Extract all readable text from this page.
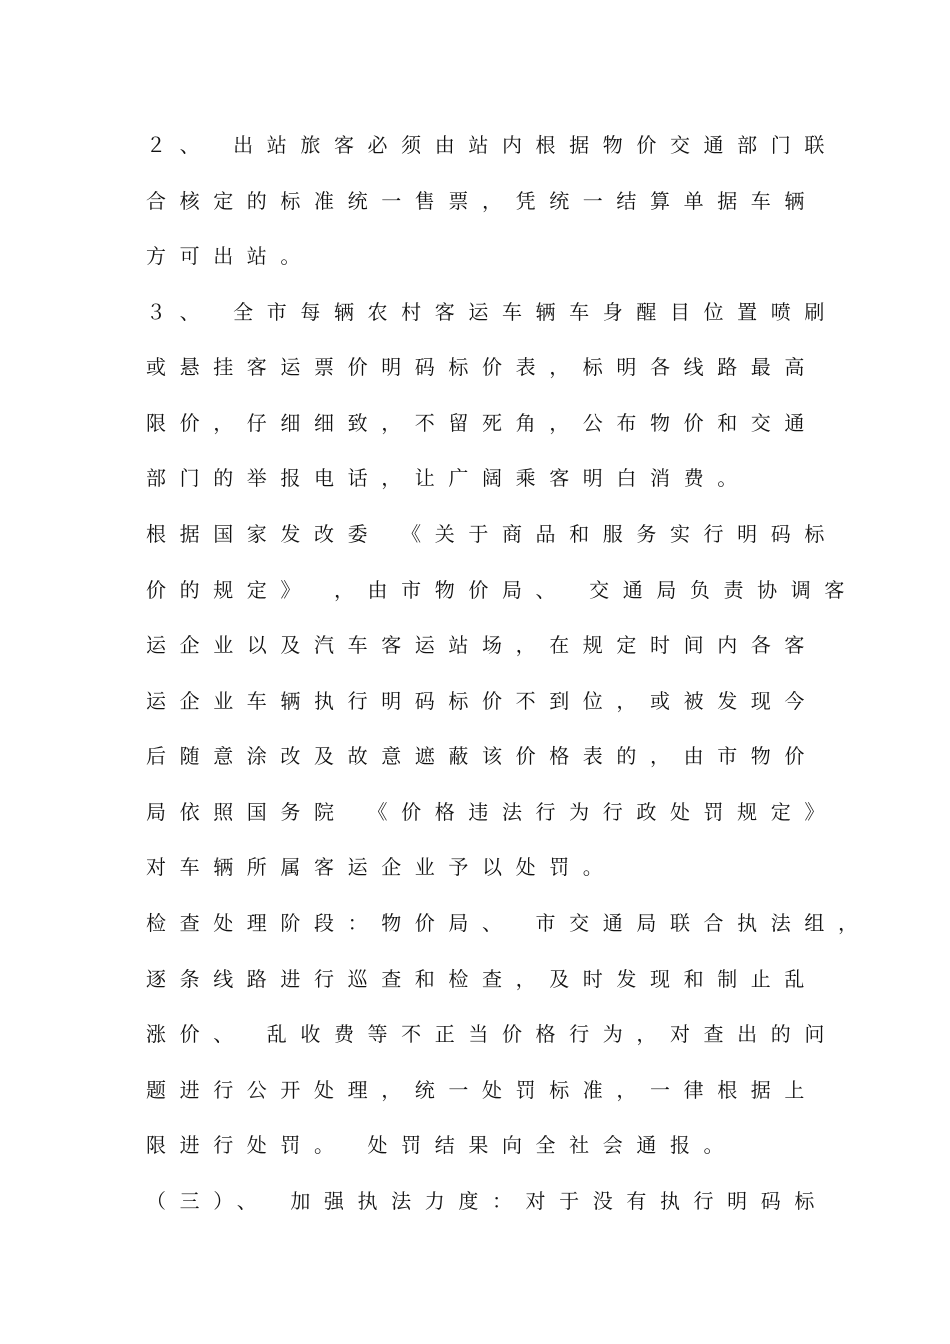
２、 出站旅客必须由站内根据物价交通部门联
合核定的标准统一售票，凭统一结算单据车辆
方可出站。
３、 全市每辆农村客运车辆车身醒目位置喷刷
或悬挂客运票价明码标价表，标明各线路最高
限价，仔细细致，不留死角，公布物价和交通
部门的举报电话，让广阔乘客明白消费。
根据国家发改委 《关于商品和服务实行明码标
价的规定》 ，由市物价局、 交通局负责协调客
运企业以及汽车客运站场，在规定时间内各客
运企业车辆执行明码标价不到位，或被发现今
后随意涂改及故意遮蔽该价格表的，由市物价
局依照国务院 《价格违法行为行政处罚规定》
对车辆所属客运企业予以处罚。
检查处理阶段：物价局、 市交通局联合执法组，
逐条线路进行巡查和检查，及时发现和制止乱
涨价、 乱收费等不正当价格行为，对查出的问
题进行公开处理，统一处罚标准，一律根据上
限进行处罚。 处罚结果向全社会通报。
（三）、 加强执法力度：对于没有执行明码标
